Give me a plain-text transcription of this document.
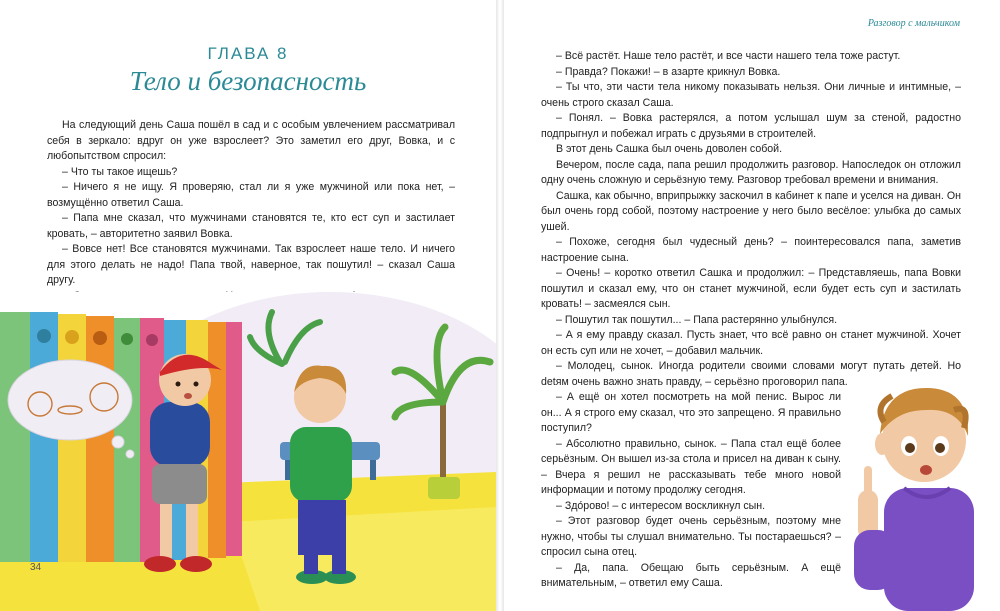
ГЛАВА 8
Тело и безопасность

На следующий день Саша пошёл в сад и с особым увлечением рассматривал себя в зеркало: вдруг он уже взрослеет? Это заметил его друг, Вовка, и с любопытством спросил:

– Что ты такое ищешь?

– Ничего я не ищу. Я проверяю, стал ли я уже мужчиной или пока нет, – возмущённо ответил Саша.

– Папа мне сказал, что мужчинами становятся те, кто ест суп и застилает кровать, – авторитетно заявил Вовка.

– Вовсе нет! Все становятся мужчинами. Так взрослеет наше тело. И ничего для этого делать не надо! Папа твой, наверное, так пошутил! – сказал Саша другу.

34
Разговор с мальчиком

– Всё растёт. Наше тело растёт, и все части нашего тела тоже растут.

– Правда? Покажи! – в азарте крикнул Вовка.

– Ты что, эти части тела никому показывать нельзя. Они личные и интимные, – очень строго сказал Саша.

– Понял. – Вовка растерялся, а потом услышал шум за стеной, радостно подпрыгнул и побежал играть с друзьями в строителей.

В этот день Сашка был очень доволен собой.

Вечером, после сада, папа решил продолжить разговор. Напоследок он отложил одну очень сложную и серьёзную тему. Разговор требовал времени и внимания.

Сашка, как обычно, вприпрыжку заскочил в кабинет к папе и уселся на диван. Он был очень горд собой, поэтому настроение у него было весёлое: улыбка до самых ушей.

– Похоже, сегодня был чудесный день? – поинтересовался папа, заметив настроение сына.

– Очень! – коротко ответил Сашка и продолжил: – Представляешь, папа Вовки пошутил и сказал ему, что он станет мужчиной, если будет есть суп и застилать кровать! – засмеялся сын.

– Пошутил так пошутил... – Папа растерянно улыбнулся.

– А я ему правду сказал. Пусть знает, что всё равно он станет мужчиной. Хочет он есть суп или не хочет, – добавил мальчик.

– Молодец, сынок. Иногда родители своими словами могут путать детей. Но detям очень важно знать правду, – серьёзно проговорил папа.

– А ещё он хотел посмотреть на мой пенис. Вырос ли он... А я строго ему сказал, что это запрещено. Я правильно поступил?

– Абсолютно правильно, сынок. – Папа стал ещё более серьёзным. Он вышел из-за стола и присел на диван к сыну. – Вчера я решил не рассказывать тебе много новой информации и потому продолжу сегодня.

– Здо́рово! – с интересом воскликнул сын.

– Этот разговор будет очень серьёзным, поэтому мне нужно, чтобы ты слушал внимательно. Ты постараешься? – спросил сына отец.

– Да, папа. Обещаю быть серьёзным. А ещё внимательным, – ответил ему Саша.
